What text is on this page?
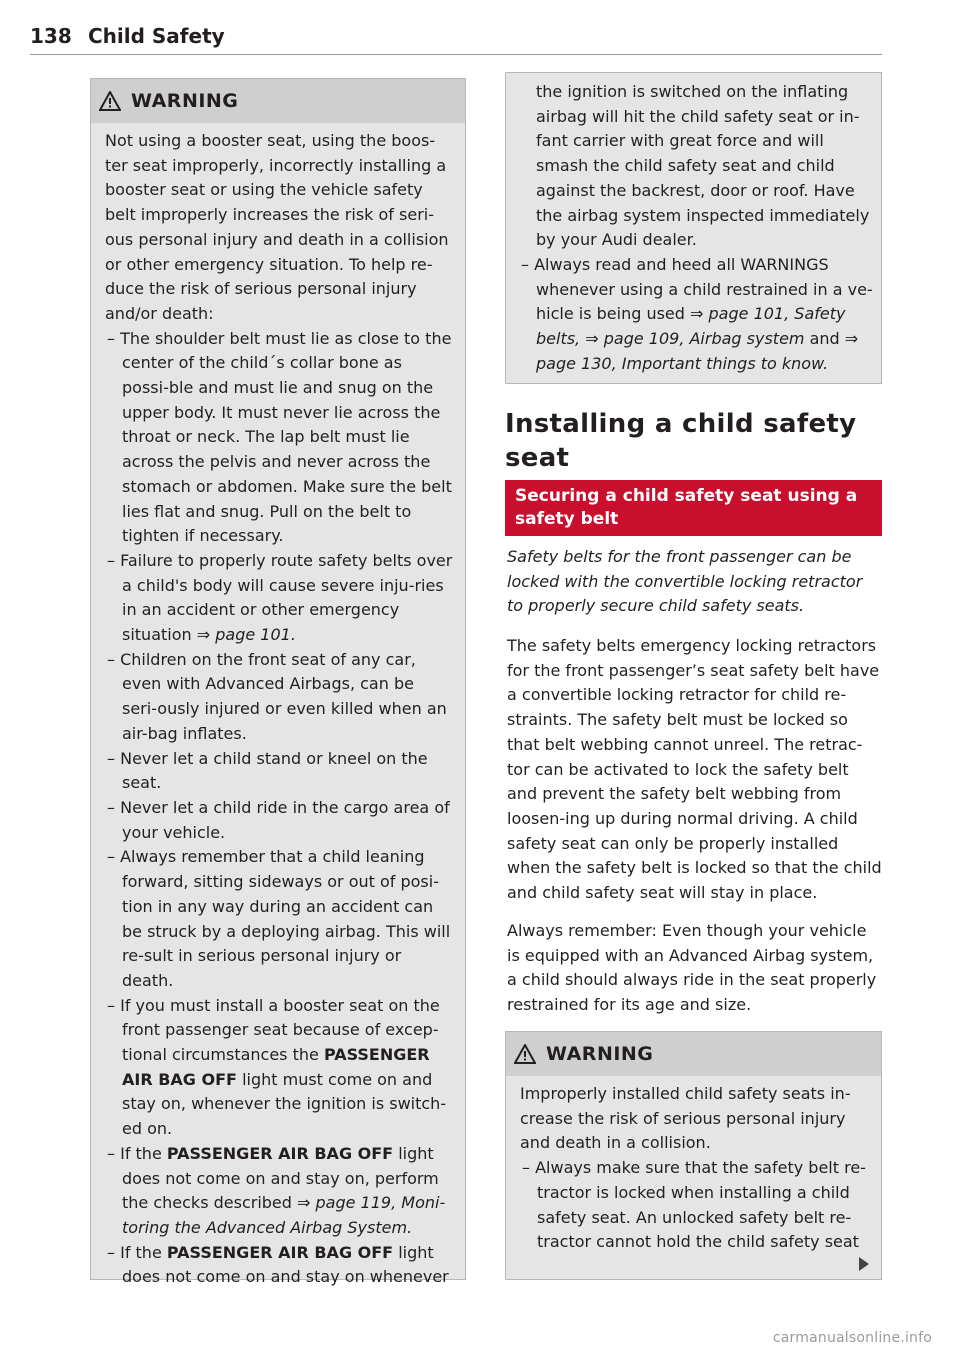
138 Child Safety
WARNING

Not using a booster seat, using the boos-ter seat improperly, incorrectly installing a booster seat or using the vehicle safety belt improperly increases the risk of seri-ous personal injury and death in a collision or other emergency situation. To help re-duce the risk of serious personal injury and/or death:

– The shoulder belt must lie as close to the center of the child´s collar bone as possi-ble and must lie and snug on the upper body. It must never lie across the throat or neck. The lap belt must lie across the pelvis and never across the stomach or abdomen. Make sure the belt lies flat and snug. Pull on the belt to tighten if necessary.

– Failure to properly route safety belts over a child's body will cause severe inju-ries in an accident or other emergency situation ⇒ page 101.

– Children on the front seat of any car, even with Advanced Airbags, can be seri-ously injured or even killed when an air-bag inflates.

– Never let a child stand or kneel on the seat.

– Never let a child ride in the cargo area of your vehicle.

– Always remember that a child leaning forward, sitting sideways or out of posi-tion in any way during an accident can be struck by a deploying airbag. This will re-sult in serious personal injury or death.

– If you must install a booster seat on the front passenger seat because of excep-tional circumstances the PASSENGER AIR BAG OFF light must come on and stay on, whenever the ignition is switch-ed on.

– If the PASSENGER AIR BAG OFF light does not come on and stay on, perform the checks described ⇒ page 119, Moni-toring the Advanced Airbag System.

– If the PASSENGER AIR BAG OFF light does not come on and stay on whenever

the ignition is switched on the inflating airbag will hit the child safety seat or in-fant carrier with great force and will smash the child safety seat and child against the backrest, door or roof. Have the airbag system inspected immediately by your Audi dealer.

– Always read and heed all WARNINGS whenever using a child restrained in a ve-hicle is being used ⇒ page 101, Safety belts, ⇒ page 109, Airbag system and ⇒ page 130, Important things to know.

Installing a child safety seat
Securing a child safety seat using a safety belt

Safety belts for the front passenger can be locked with the convertible locking retractor to properly secure child safety seats.

The safety belts emergency locking retractors for the front passenger’s seat safety belt have a convertible locking retractor for child re-straints. The safety belt must be locked so that belt webbing cannot unreel. The retrac-tor can be activated to lock the safety belt and prevent the safety belt webbing from loosen-ing up during normal driving. A child safety seat can only be properly installed when the safety belt is locked so that the child and child safety seat will stay in place.

Always remember: Even though your vehicle is equipped with an Advanced Airbag system, a child should always ride in the seat properly restrained for its age and size.

WARNING

Improperly installed child safety seats in-crease the risk of serious personal injury and death in a collision.

– Always make sure that the safety belt re-tractor is locked when installing a child safety seat. An unlocked safety belt re-tractor cannot hold the child safety seat

carmanualsonline.info
